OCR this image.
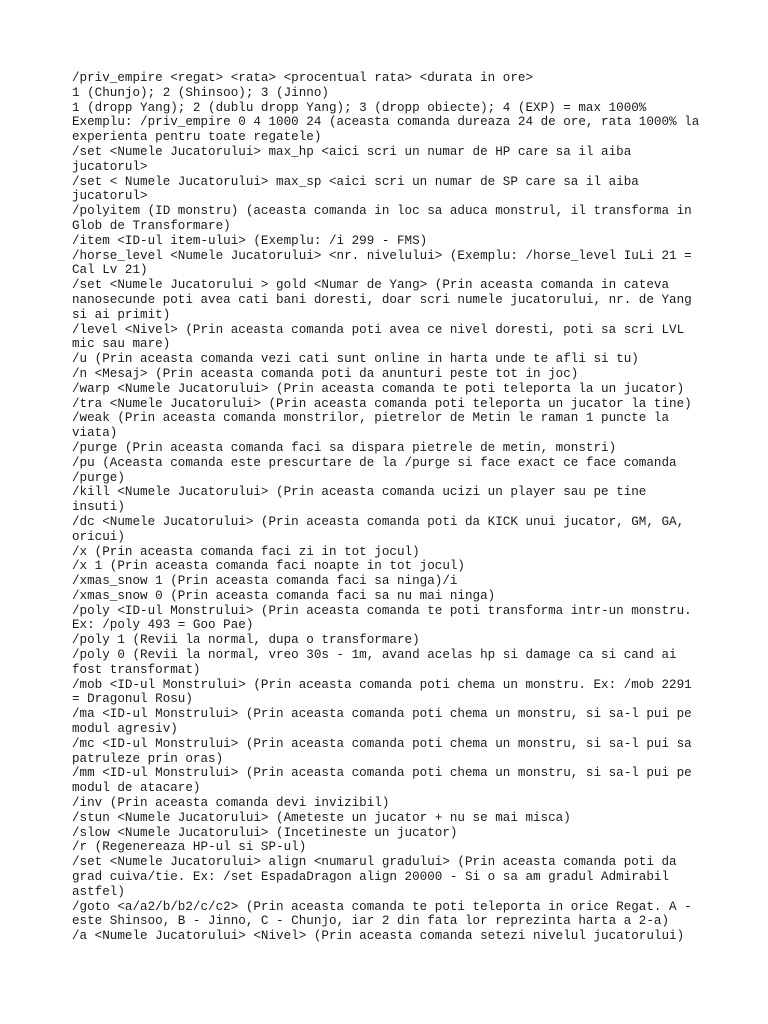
/priv_empire <regat> <rata> <procentual rata> <durata in ore>
1 (Chunjo); 2 (Shinsoo); 3 (Jinno)
1 (dropp Yang); 2 (dublu dropp Yang); 3 (dropp obiecte); 4 (EXP) = max 1000%
Exemplu: /priv_empire 0 4 1000 24 (aceasta comanda dureaza 24 de ore, rata 1000% la
experienta pentru toate regatele)
/set <Numele Jucatorului> max_hp <aici scri un numar de HP care sa il aiba
jucatorul>
/set < Numele Jucatorului> max_sp <aici scri un numar de SP care sa il aiba
jucatorul>
/polyitem (ID monstru) (aceasta comanda in loc sa aduca monstrul, il transforma in
Glob de Transformare)
/item <ID-ul item-ului> (Exemplu: /i 299 - FMS)
/horse_level <Numele Jucatorului> <nr. nivelului> (Exemplu: /horse_level IuLi 21 =
Cal Lv 21)
/set <Numele Jucatorului > gold <Numar de Yang> (Prin aceasta comanda in cateva
nanosecunde poti avea cati bani doresti, doar scri numele jucatorului, nr. de Yang
si ai primit)
/level <Nivel> (Prin aceasta comanda poti avea ce nivel doresti, poti sa scri LVL
mic sau mare)
/u (Prin aceasta comanda vezi cati sunt online in harta unde te afli si tu)
/n <Mesaj> (Prin aceasta comanda poti da anunturi peste tot in joc)
/warp <Numele Jucatorului> (Prin aceasta comanda te poti teleporta la un jucator)
/tra <Numele Jucatorului> (Prin aceasta comanda poti teleporta un jucator la tine)
/weak (Prin aceasta comanda monstrilor, pietrelor de Metin le raman 1 puncte la
viata)
/purge (Prin aceasta comanda faci sa dispara pietrele de metin, monstri)
/pu (Aceasta comanda este prescurtare de la /purge si face exact ce face comanda
/purge)
/kill <Numele Jucatorului> (Prin aceasta comanda ucizi un player sau pe tine
insuti)
/dc <Numele Jucatorului> (Prin aceasta comanda poti da KICK unui jucator, GM, GA,
oricui)
/x (Prin aceasta comanda faci zi in tot jocul)
/x 1 (Prin aceasta comanda faci noapte in tot jocul)
/xmas_snow 1 (Prin aceasta comanda faci sa ninga)/i
/xmas_snow 0 (Prin aceasta comanda faci sa nu mai ninga)
/poly <ID-ul Monstrului> (Prin aceasta comanda te poti transforma intr-un monstru.
Ex: /poly 493 = Goo Pae)
/poly 1 (Revii la normal, dupa o transformare)
/poly 0 (Revii la normal, vreo 30s - 1m, avand acelas hp si damage ca si cand ai
fost transformat)
/mob <ID-ul Monstrului> (Prin aceasta comanda poti chema un monstru. Ex: /mob 2291
= Dragonul Rosu)
/ma <ID-ul Monstrului> (Prin aceasta comanda poti chema un monstru, si sa-l pui pe
modul agresiv)
/mc <ID-ul Monstrului> (Prin aceasta comanda poti chema un monstru, si sa-l pui sa
patruleze prin oras)
/mm <ID-ul Monstrului> (Prin aceasta comanda poti chema un monstru, si sa-l pui pe
modul de atacare)
/inv (Prin aceasta comanda devi invizibil)
/stun <Numele Jucatorului> (Ameteste un jucator + nu se mai misca)
/slow <Numele Jucatorului> (Incetineste un jucator)
/r (Regenereaza HP-ul si SP-ul)
/set <Numele Jucatorului> align <numarul gradului> (Prin aceasta comanda poti da
grad cuiva/tie. Ex: /set EspadaDragon align 20000 - Si o sa am gradul Admirabil
astfel)
/goto <a/a2/b/b2/c/c2> (Prin aceasta comanda te poti teleporta in orice Regat. A -
este Shinsoo, B - Jinno, C - Chunjo, iar 2 din fata lor reprezinta harta a 2-a)
/a <Numele Jucatorului> <Nivel> (Prin aceasta comanda setezi nivelul jucatorului)
